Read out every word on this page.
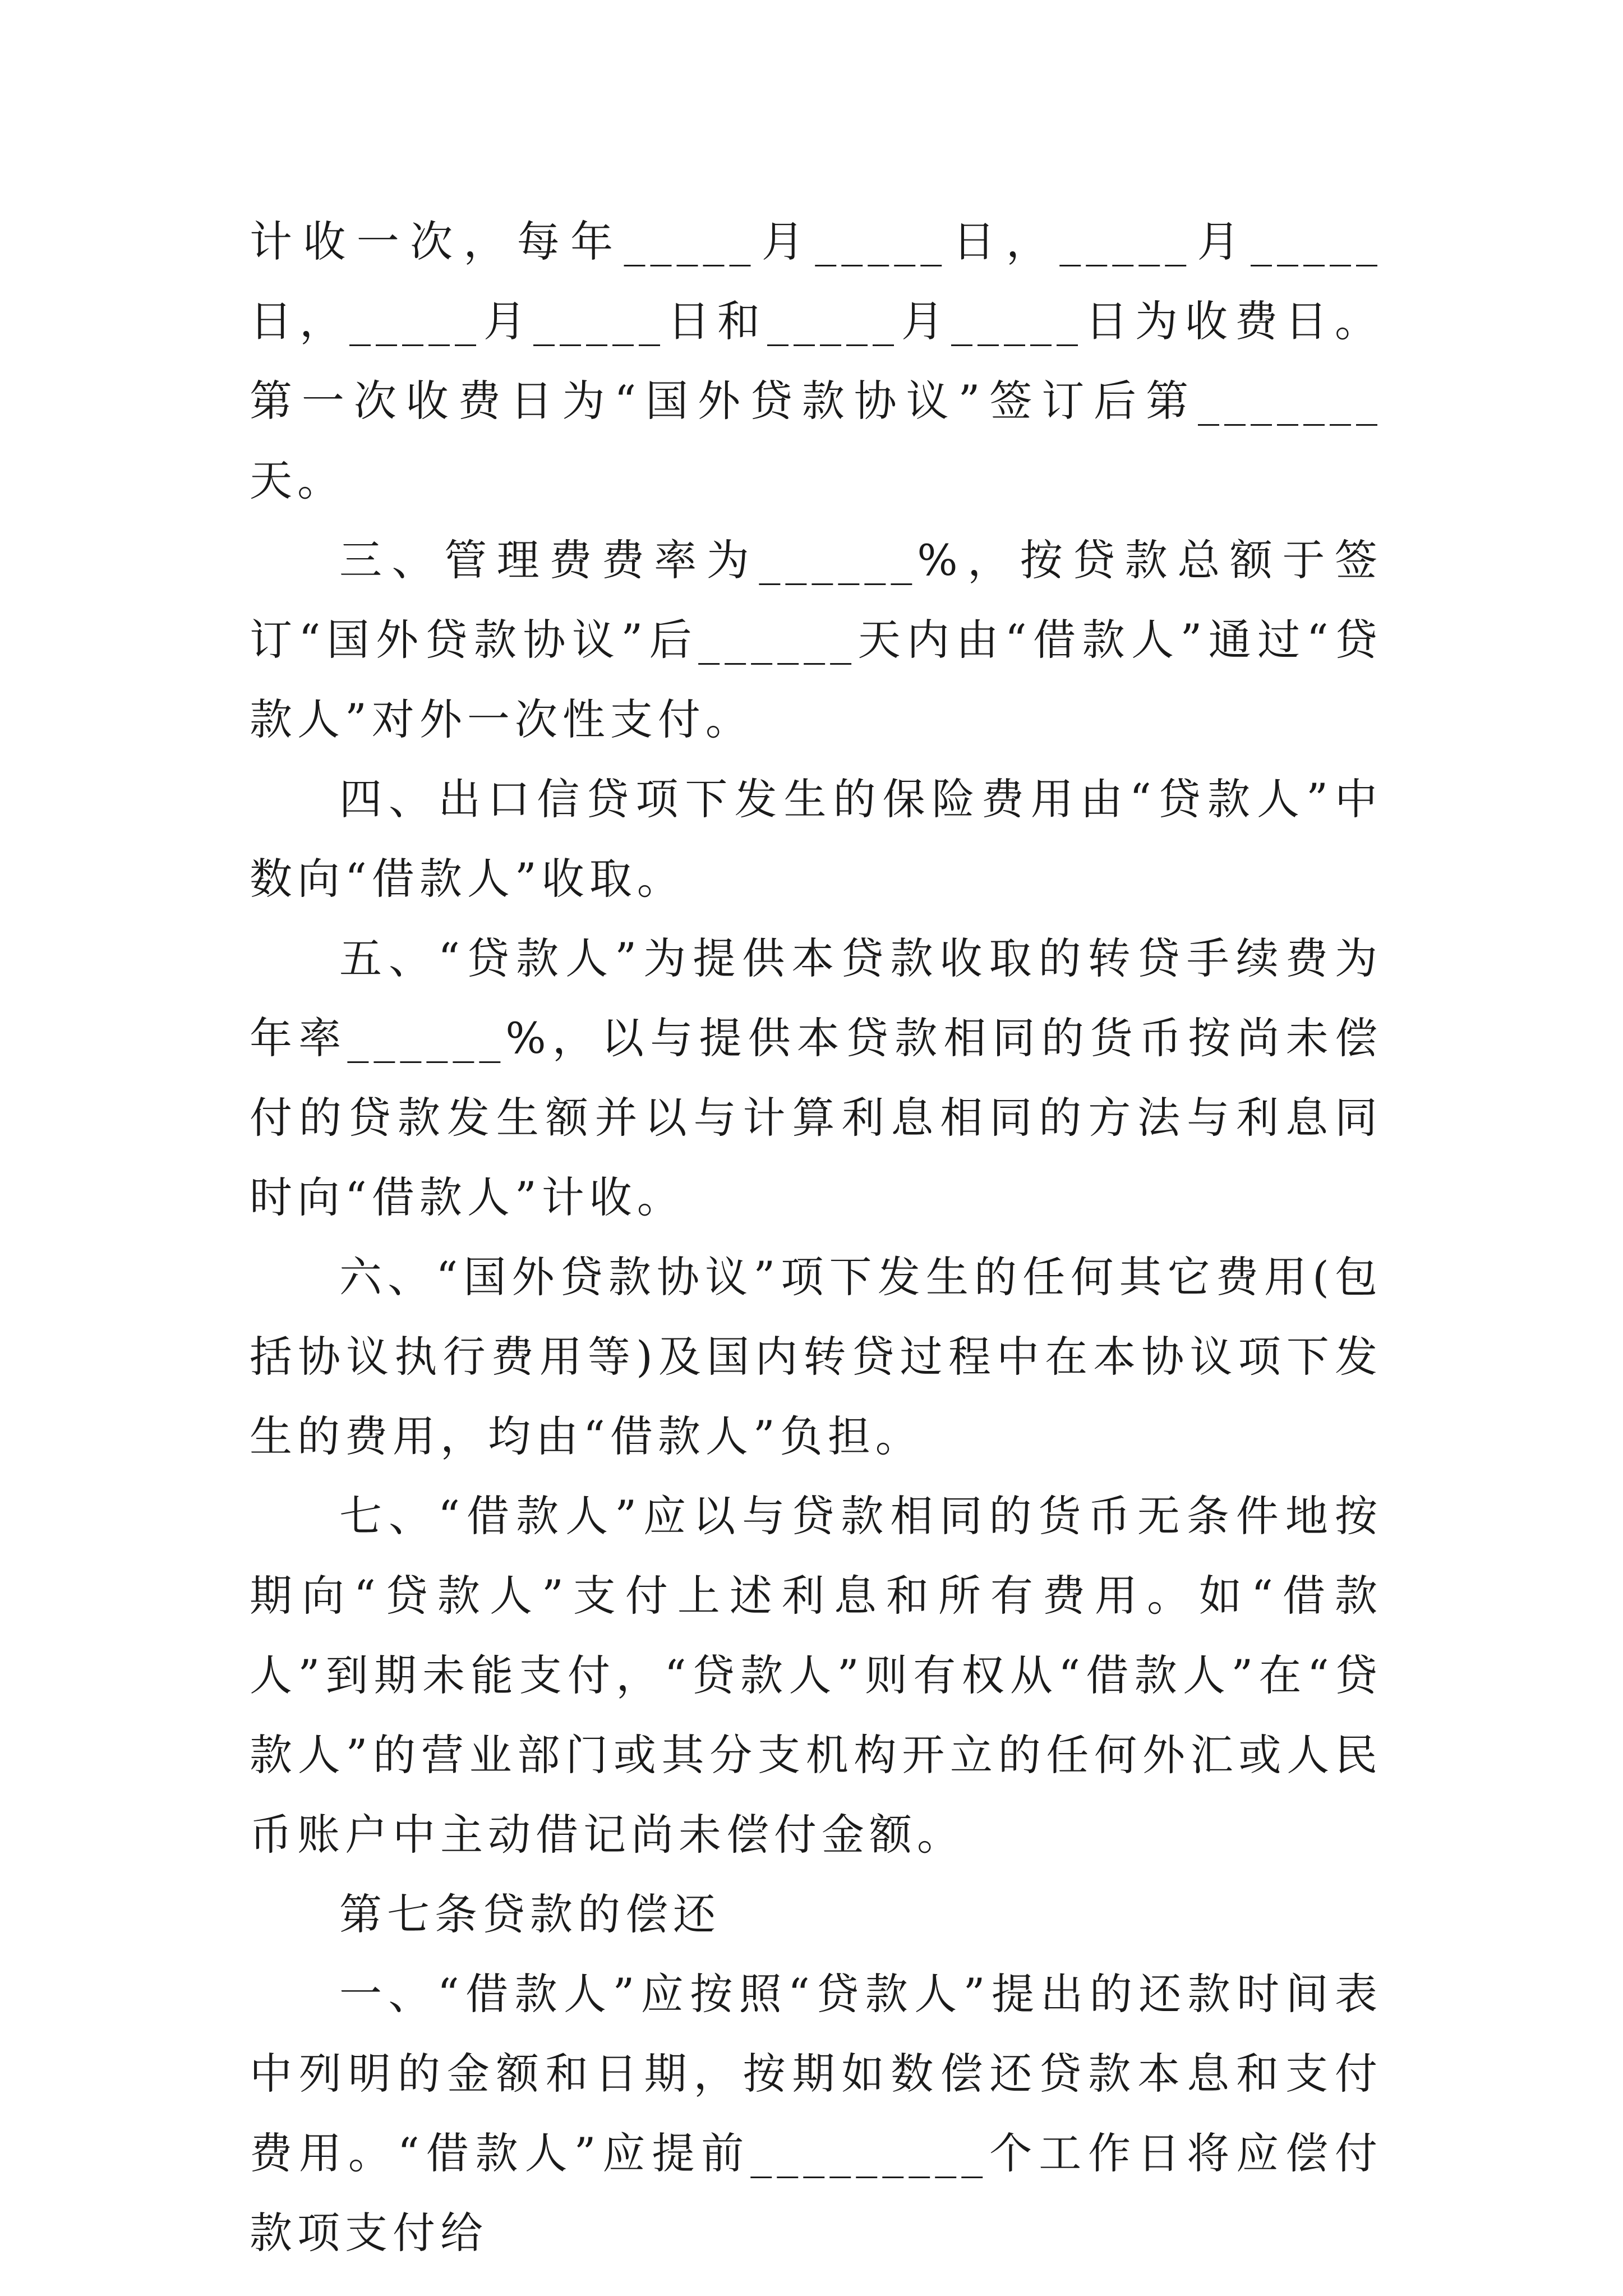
计收一次，每年_____月_____日，_____月_____日，_____月_____日和_____月_____日为收费日。第一次收费日为“国外贷款协议”签订后第_______天。

三、管理费费率为______%，按贷款总额于签订“国外贷款协议”后______天内由“借款人”通过“贷款人”对外一次性支付。

四、出口信贷项下发生的保险费用由“贷款人”中数向“借款人”收取。

五、“贷款人”为提供本贷款收取的转贷手续费为年率______%，以与提供本贷款相同的货币按尚未偿付的贷款发生额并以与计算利息相同的方法与利息同时向“借款人”计收。

六、“国外贷款协议”项下发生的任何其它费用(包括协议执行费用等)及国内转贷过程中在本协议项下发生的费用，均由“借款人”负担。

七、“借款人”应以与贷款相同的货币无条件地按期向“贷款人”支付上述利息和所有费用。如“借款人”到期未能支付，“贷款人”则有权从“借款人”在“贷款人”的营业部门或其分支机构开立的任何外汇或人民币账户中主动借记尚未偿付金额。

第七条贷款的偿还

一、“借款人”应按照“贷款人”提出的还款时间表中列明的金额和日期，按期如数偿还贷款本息和支付费用。“借款人”应提前_________个工作日将应偿付款项支付给
